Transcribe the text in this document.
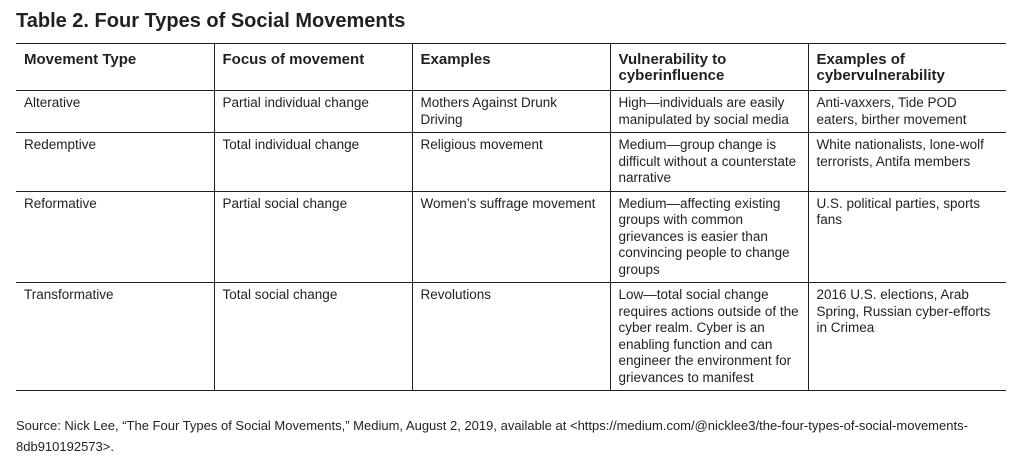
Table 2. Four Types of Social Movements
Movement Type	Focus of movement	Examples	Vulnerability to cyberinfluence	Examples of cybervulnerability
Alterative	Partial individual change	Mothers Against Drunk Driving	High—individuals are easily manipulated by social media	Anti-vaxxers, Tide POD eaters, birther movement
Redemptive	Total individual change	Religious movement	Medium—group change is difficult without a counterstate narrative	White nationalists, lone-wolf terrorists, Antifa members
Reformative	Partial social change	Women’s suffrage movement	Medium—affecting existing groups with common grievances is easier than convincing people to change groups	U.S. political parties, sports fans
Transformative	Total social change	Revolutions	Low—total social change requires actions outside of the cyber realm. Cyber is an enabling function and can engineer the environment for grievances to manifest	2016 U.S. elections, Arab Spring, Russian cyber-efforts in Crimea
Source: Nick Lee, “The Four Types of Social Movements,” Medium, August 2, 2019, available at <https://medium.com/@nicklee3/the-four-types-of-social-movements-8db910192573>.
